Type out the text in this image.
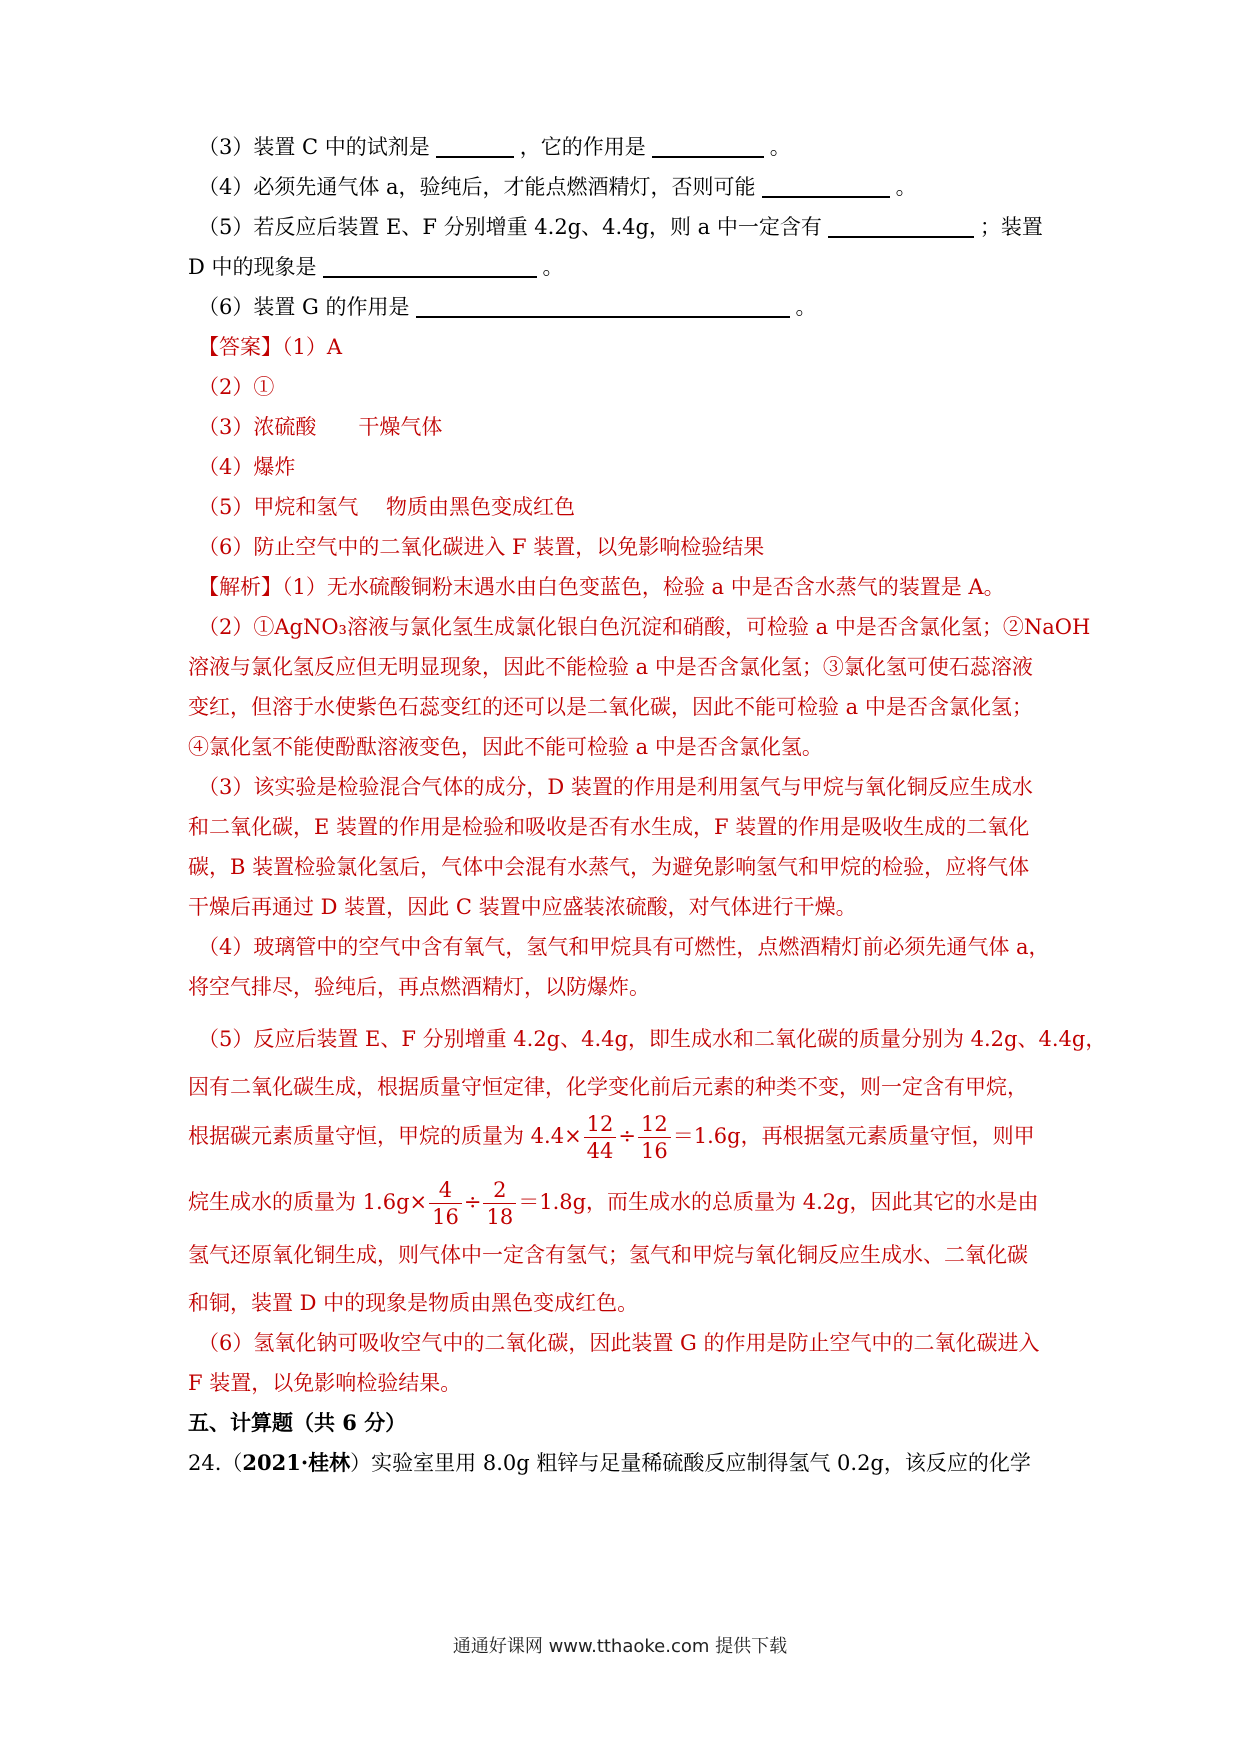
（3）装置 C 中的试剂是	，它的作用是	。
（4）必须先通气体 a，验纯后，才能点燃酒精灯，否则可能	。
（5）若反应后装置 E、F 分别增重 4.2g、4.4g，则 a 中一定含有	；装置
D 中的现象是	。
（6）装置 G 的作用是	。
【答案】（1）A
（2）①
（3）浓硫酸　　干燥气体
（4）爆炸
（5）甲烷和氢气　 物质由黑色变成红色
（6）防止空气中的二氧化碳进入 F 装置，以免影响检验结果
【解析】（1）无水硫酸铜粉末遇水由白色变蓝色，检验 a 中是否含水蒸气的装置是 A。
（2）①AgNO₃溶液与氯化氢生成氯化银白色沉淀和硝酸，可检验 a 中是否含氯化氢；②NaOH
溶液与氯化氢反应但无明显现象，因此不能检验 a 中是否含氯化氢；③氯化氢可使石蕊溶液
变红，但溶于水使紫色石蕊变红的还可以是二氧化碳，因此不能可检验 a 中是否含氯化氢；
④氯化氢不能使酚酞溶液变色，因此不能可检验 a 中是否含氯化氢。
（3）该实验是检验混合气体的成分，D 装置的作用是利用氢气与甲烷与氧化铜反应生成水
和二氧化碳，E 装置的作用是检验和吸收是否有水生成，F 装置的作用是吸收生成的二氧化
碳，B 装置检验氯化氢后，气体中会混有水蒸气，为避免影响氢气和甲烷的检验，应将气体
干燥后再通过 D 装置，因此 C 装置中应盛装浓硫酸，对气体进行干燥。
（4）玻璃管中的空气中含有氧气，氢气和甲烷具有可燃性，点燃酒精灯前必须先通气体 a，
将空气排尽，验纯后，再点燃酒精灯，以防爆炸。
（5）反应后装置 E、F 分别增重 4.2g、4.4g，即生成水和二氧化碳的质量分别为 4.2g、4.4g，
因有二氧化碳生成，根据质量守恒定律，化学变化前后元素的种类不变，则一定含有甲烷，
根据碳元素质量守恒，甲烷的质量为 $4.4\times \frac{12}{44} \div \frac{12}{16} =1.6g$，再根据氢元素质量守恒，则甲
烷生成水的质量为 $1.6g\times \frac{4}{16} \div \frac{2}{18} =1.8g$，而生成水的总质量为 4.2g，因此其它的水是由
氢气还原氧化铜生成，则气体中一定含有氢气；氢气和甲烷与氧化铜反应生成水、二氧化碳
和铜，装置 D 中的现象是物质由黑色变成红色。
（6）氢氧化钠可吸收空气中的二氧化碳，因此装置 G 的作用是防止空气中的二氧化碳进入
F 装置，以免影响检验结果。
五、计算题（共 6 分）
24.（2021·桂林）实验室里用 8.0g 粗锌与足量稀硫酸反应制得氢气 0.2g，该反应的化学
通通好课网 www.tthaoke.com 提供下载
